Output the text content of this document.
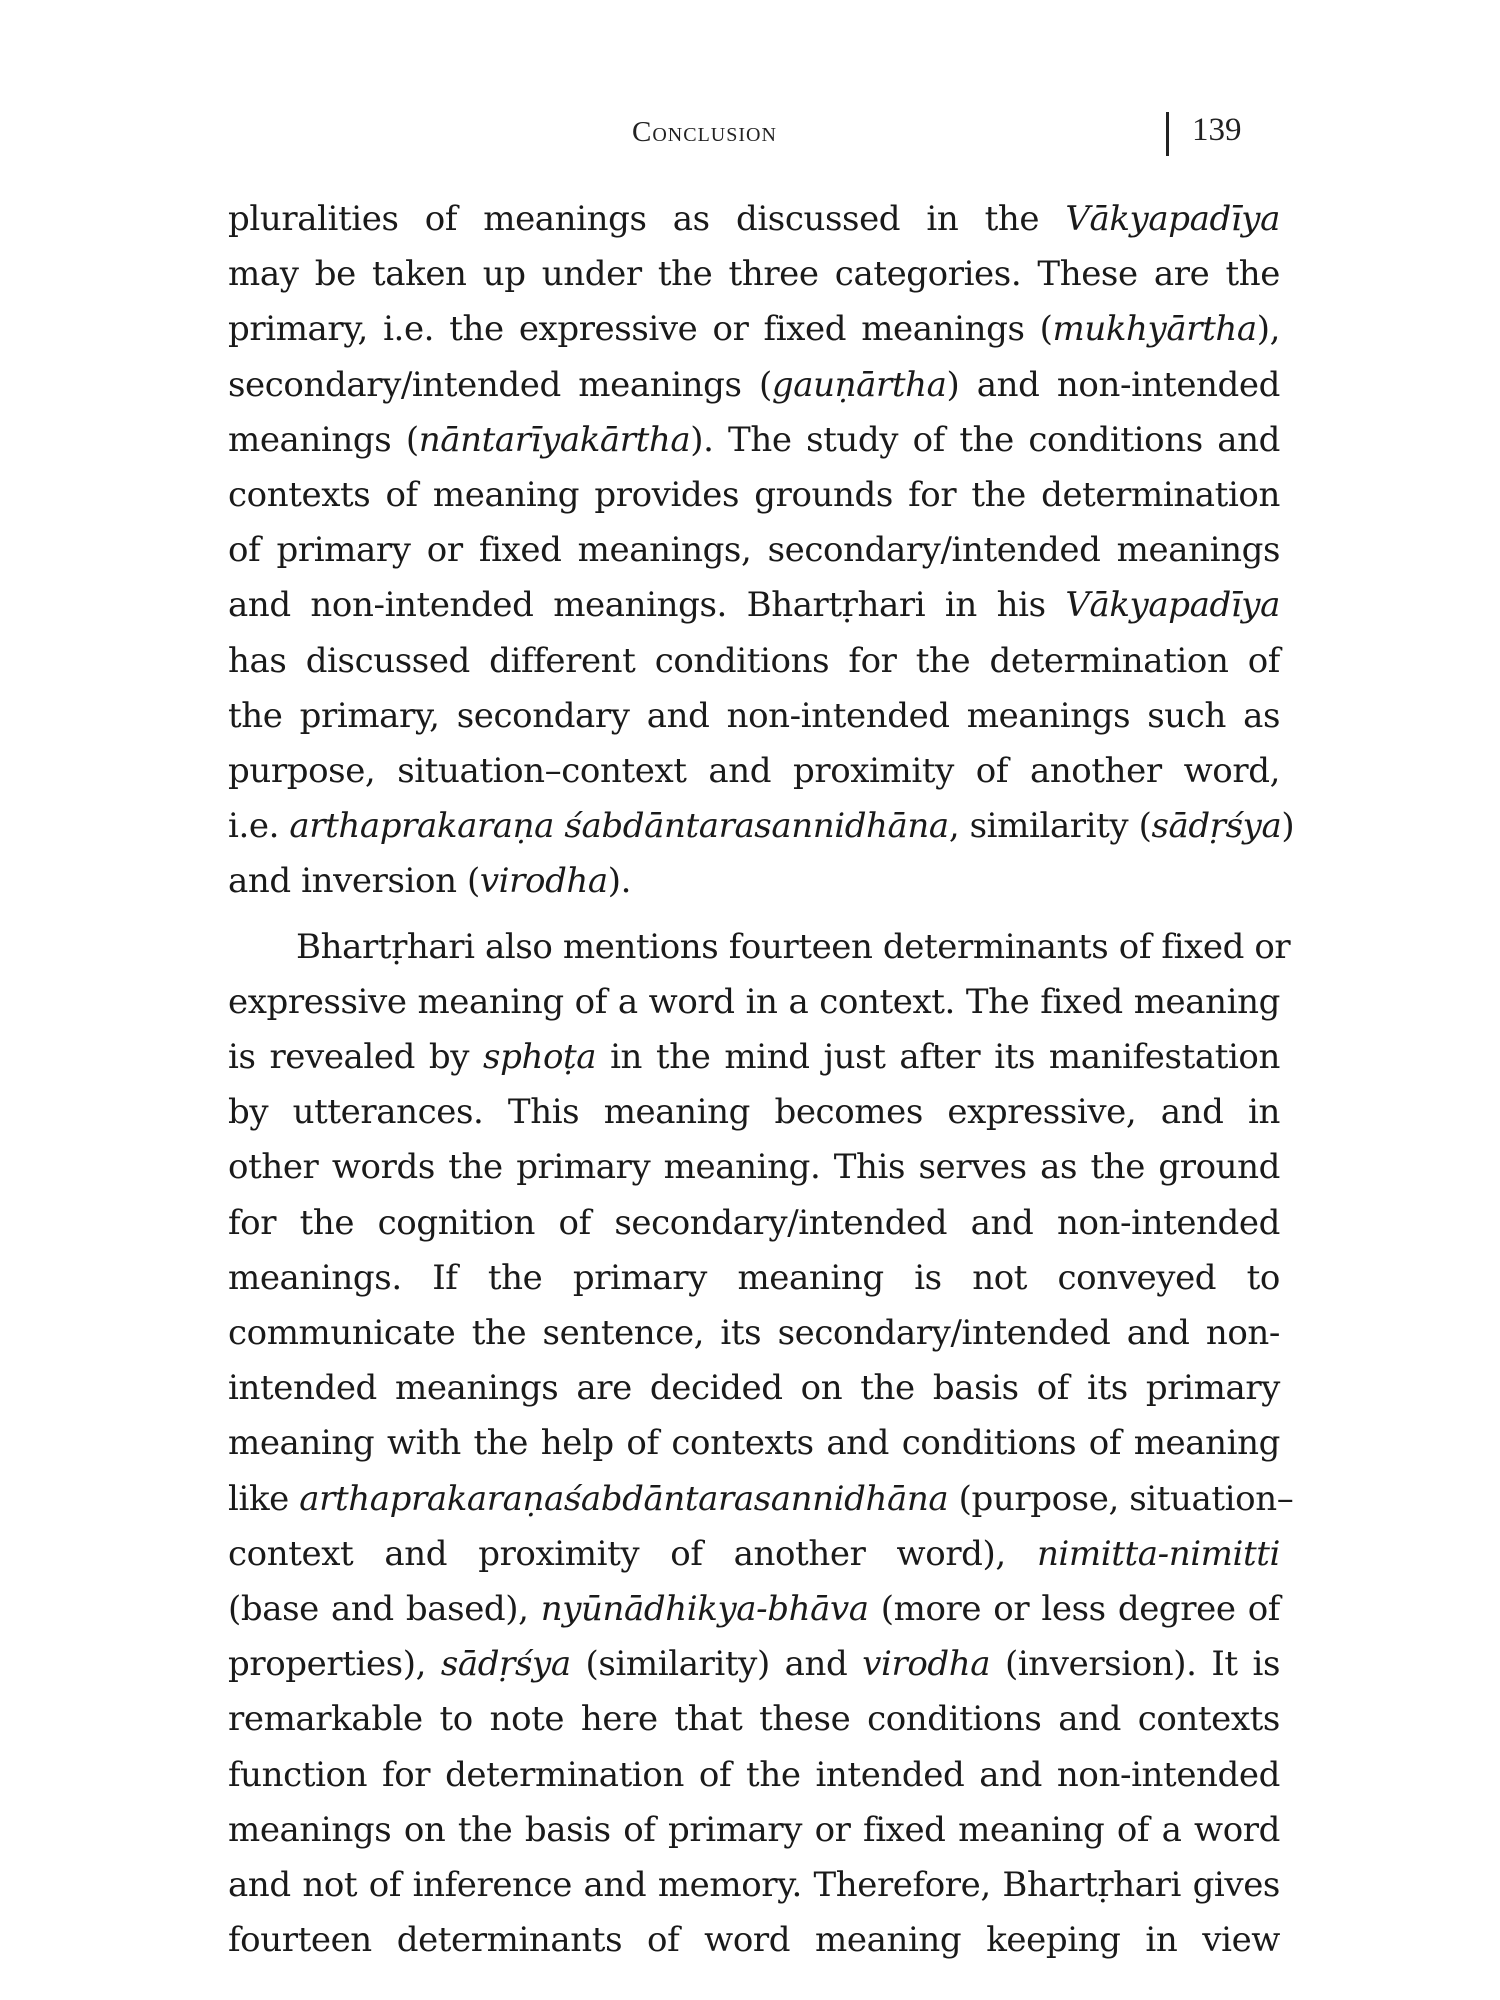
Conclusion	139

pluralities of meanings as discussed in the Vākyapadīya
may be taken up under the three categories. These are the
primary, i.e. the expressive or fixed meanings (mukhyārtha),
secondary/intended meanings (gauṇārtha) and non-intended
meanings (nāntarīyakārtha). The study of the conditions and
contexts of meaning provides grounds for the determination
of primary or fixed meanings, secondary/intended meanings
and non-intended meanings. Bhartṛhari in his Vākyapadīya
has discussed different conditions for the determination of
the primary, secondary and non-intended meanings such as
purpose, situation–context and proximity of another word,
i.e. arthaprakaraṇa śabdāntarasannidhāna, similarity (sādṛśya)
and inversion (virodha).

Bhartṛhari also mentions fourteen determinants of fixed or
expressive meaning of a word in a context. The fixed meaning
is revealed by sphoṭa in the mind just after its manifestation
by utterances. This meaning becomes expressive, and in
other words the primary meaning. This serves as the ground
for the cognition of secondary/intended and non-intended
meanings. If the primary meaning is not conveyed to
communicate the sentence, its secondary/intended and non-
intended meanings are decided on the basis of its primary
meaning with the help of contexts and conditions of meaning
like arthaprakaraṇaśabdāntarasannidhāna (purpose, situation–
context and proximity of another word), nimitta-nimitti
(base and based), nyūnādhikya-bhāva (more or less degree of
properties), sādṛśya (similarity) and virodha (inversion). It is
remarkable to note here that these conditions and contexts
function for determination of the intended and non-intended
meanings on the basis of primary or fixed meaning of a word
and not of inference and memory. Therefore, Bhartṛhari gives
fourteen determinants of word meaning keeping in view
